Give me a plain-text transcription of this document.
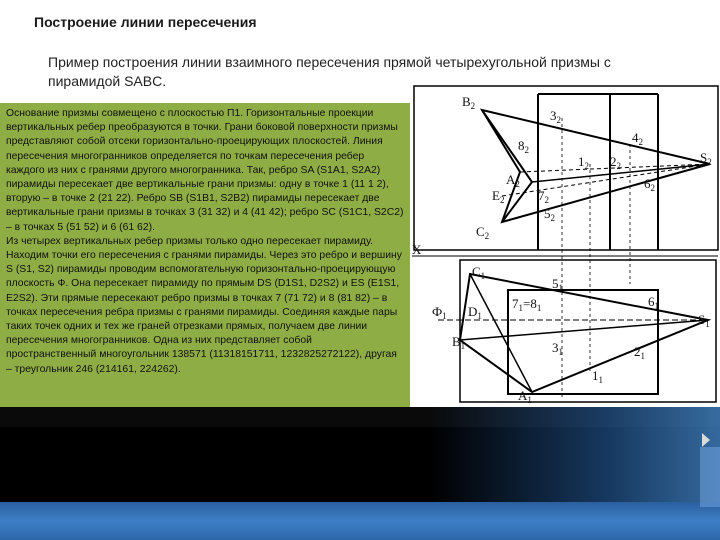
Построение линии пересечения
Пример построения линии взаимного пересечения прямой четырехугольной призмы с пирамидой SABC.

Основание призмы совмещено с плоскостью П1. Горизонтальные проекции вертикальных ребер преобразуются в точки. Грани боковой поверхности призмы представляют собой отсеки горизонтально-проецирующих плоскостей. Линия пересечения многогранников определяется по точкам пересечения ребер каждого из них с гранями другого многогранника. Так, ребро SA (S1A1, S2A2) пирамиды пересекает две вертикальные грани призмы: одну в точке 1 (11 1 2), вторую – в точке 2 (21 22). Ребро SB (S1B1, S2B2) пирамиды пересекает две вертикальные грани призмы в точках 3 (31 32) и 4 (41 42); ребро SC (S1C1, S2C2) – в точках 5 (51 52) и 6 (61 62).

Из четырех вертикальных ребер призмы только одно пересекает пирамиду. Находим точки его пересечения с гранями пирамиды. Через это ребро и вершину S (S1, S2) пирамиды проводим вспомогательную горизонтально-проецирующую плоскость Ф. Она пересекает пирамиду по прямым DS (D1S1, D2S2) и ES (E1S1, E2S2). Эти прямые пересекают ребро призмы в точках 7 (71 72) и 8 (81 82) – в точках пересечения ребра призмы с гранями пирамиды. Соединяя каждые пары таких точек одних и тех же граней отрезками прямых, получаем две линии пересечения многогранников. Одна из них представляет собой пространственный многоугольник 138571 (11318151711, 1232825272122), другая – треугольник 246 (214161, 224262).

$B_2$
$S_2$
$A_2$
$E_2$
$C_2$
$3_2$
$4_2$
$8_2$
$1_2$ $2_2$
$6_2$
$7_2$
$5_2$
X
$C_1$
$D_1$
$B_1$
$A_1$
$S_1$
$Ф_1$
$7_1=8_1$
$5_1$
$6_1$
$3_1$	$2_1$
$1_1$
